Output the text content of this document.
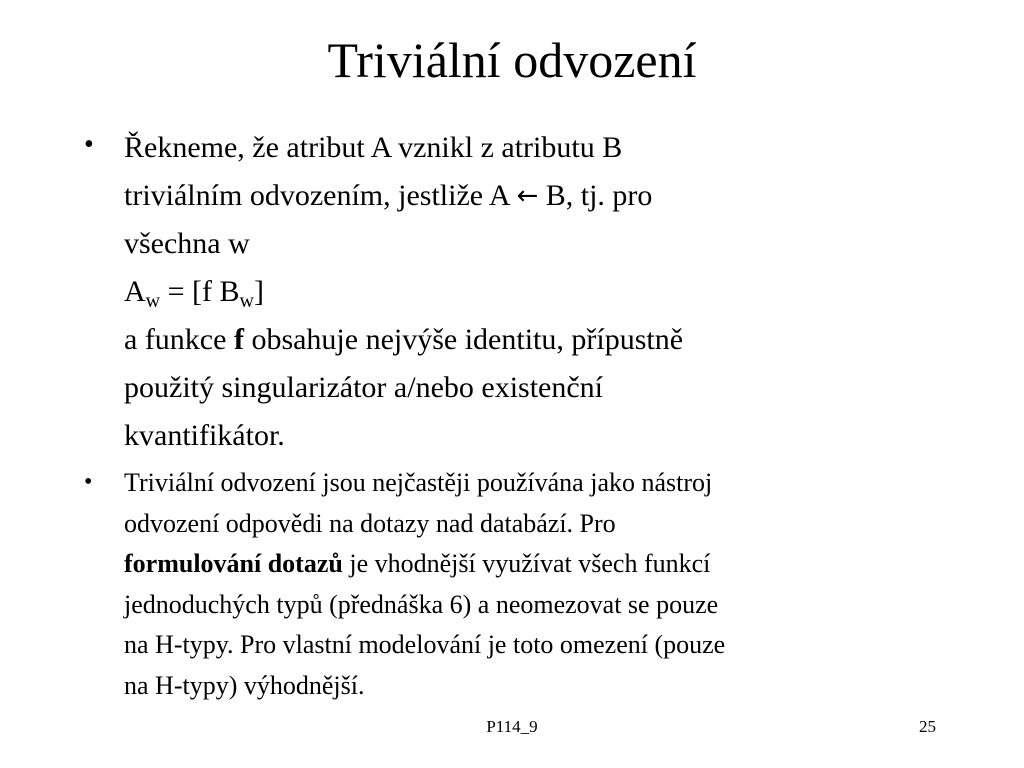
Triviální odvození
• Řekneme, že atribut A vznikl z atributu B
triviálním odvozením, jestliže A ← B, tj. pro
všechna w
$A_w = [f$ $B_w$]
a funkce f obsahuje nejvýše identitu, přípustně
použitý singularizátor a/nebo existenční
kvantifikátor.
• Triviální odvození jsou nejčastěji používána jako nástroj
odvození odpovědi na dotazy nad databází. Pro
formulování dotazů je vhodnější využívat všech funkcí
jednoduchých typů (přednáška 6) a neomezovat se pouze
na H-typy. Pro vlastní modelování je toto omezení (pouze
na H-typy) výhodnější.
P114_9	25
